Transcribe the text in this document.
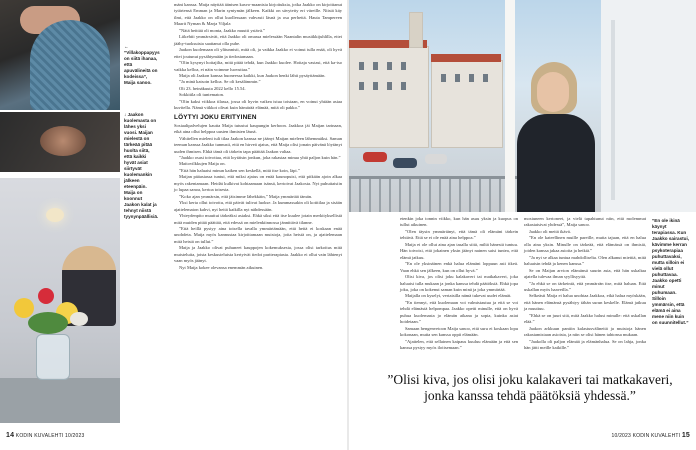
← ”Villakoppapyys on siitä ihanaa, että apuvälineitä on kodeissa”, Maija sanoo.
↓ Jaakon kuolemasta on lähes yksi vuosi. Maijan mielestä on tärkeää pitää huolta siitä, että kaikki hyvät asiat siirtyvät kuolemankin jälkeen eteenpäin. Maija on koonnut Jaakon kalat ja tehnyt niistä tyynynpäällisiä.

mäni kanssa. Maija näyttää äänisen kasvo-maanisia kirjoituksia, jotka Jaakko on kirjoittanut tytärtensä Emman ja Marin syntymän jälkeen. Kaikki on sävytetty eri väreille. Niistä käy ilmi, että Jaakko on ollut kuollessaan vahvasti läsnä ja osa perhettä. Hauta Tampereen Maarit Nyman & Marja Viljala

”Nätä heittää oli monta, Jaakko muutti ystävä.”

Liikehtii ymmärsivät, että Jaakko oli omassa mielessään Naantalin musiikkijuhlilla, ettei jäähy-tuoksuista saattanut olla puhe.

Jaakon kuolemaan oli ylitunnisti, mitä oli, ja vaikka Jaakko ei voinut tulla enää, oli hyvä ettei joutunut pysähtymään ja tiedostamaan.

”Olin kysynyt hoitajilta, mitä pitää tehdä, kun Jaakko kuolee. Hoitaja vastasi, että ka-tso vaikka kelloa, et näin voimme luovuttaa.”

Maija oli Jaakon kanssa huoneessa kaikki, kun Jaakon henki lähti pysäyttämään.

”Ja minä katsoin kelloa. Se oli kesälämmin.”

Oli 23. heinäkuuta 2022 kello 15.54.

Sokkitila oli tuntematon.

”Olin kaksi viikkoa tilassa, jossa oli hyvin vaikea istua toistaan, en voinut yhtään asiaa kuvitella. Nämä viikkot olivat kuin hämärää elämää, mitä oli pakko.”

LÖYTYI JOKU ERITYINEN

Sosiaalipalvelujen kautta Maija tutustui kaupungin kerhoon. Jaakkoa jäi Maijan tarinaan, eikä aina ollut helppoa uusien ihmisten läsnä.

Vähitellen mieleni tuli tilaa Jaakon kanssa ne jäänyt Maijan mieleen lähemmäksi. Saman teeman kanssa Jaakko tunnusti, että en hirveä ajatus, että Maija olisi jonain päivänä löytänyt uuden ihmisen. Ehkä tämä oli tärkein tapa päättää Jaakon valtaa.

”Jaakko osasi toivottaa, että loytäisin jonkun, joka rakastaa minua yhtä paljon kuin hän.”

Maitovilkkujen Maija on.

”Että hän haluaisi minun kaiken sen keskellä, mitä itse koin, läpi.”

Maijan pääasiassa tuntui, että miksi ajatus on enää kaunopuisi, että pitkään ajoin alkaa myös rakentamaan. Heidät kulkivat kohtaamaan isänsä, kertoivat Jaakosta. Nyt puhuttaisiin jo lupaa sanoa, kertoa toisesta.

”Koko ajan ymmärsin, että jäisimme lähekkäin,” Maija ymmärtää tämän.

Yksi kerta ollut toivottu, että päivät tulivat luokse. Ja kummassakin oli kotitilaa ja sisään ajattelematon kahvi, nyt heitä kaikilla nyt nähdessään.

Yhteydenpito muuttui tärkeäksi asiaksi. Ehkä siksi että itse kuulee jotain merkityksellistä mitä muiden pitää päättää, että edessä on mielenkiinnossa jännittävä tilanne.

”Että heillä pystyy aina toisella tavalla ymmärtämään, että heitä ei koskaan enää unohdeta. Maija myös kannustaa kirjoittamaan muistoja, joita heistä on, ja ajattelemaan mitä heistä on tullut.”

Maija ja Jaakko olivat puhuneet kauppojen kokemuksesta, jossa olisi tarkoitus mitä muisteluita, joista keskusteluista kertyivät tiedot pariterapiasta. Jaakko ei ollut vain lähtenyt vaan myös jäänyt.

Nyt Maija kokee olevansa enemmän aikuinen.

etenkin joka tonnin viikko, kun hän asuu yksin ja kuopus on tullut aikuinen.

”Olen täysin ymmärtänyt, että tämä oli elämäni tärkein tehtävä. Että se ei ole enää aina helppoa.”

Maija ei ole ollut aina ajan tasalla siitä, miltä hänestä tuntuu. Hän toivoisi, että jokainen yksin jäänyt nainen saisi tuntea, että elämä jatkuu.

”En ole yksinäinen enkä halua elämäni loppuun asti itkeä. Vaan ehkä sen jälkeen, kun on ollut hyvä.”

Olisi kiva, jos olisi joku kalakaveri tai matkakaveri, joka haluaisi tulla mukaan ja jonka kanssa tehdä päätöksiä. Ehkä jopa joku, joka on kokenut saman kuin minä ja joka ymmärtää.

Maijalla on kyselyt, vertaisilla nämä tukevat uudet elämät.

”En tiennyt, että kuolemaan voi valmistautua ja että se voi tehdä elämästä helpompaa. Jaakko opetti minulle, että on hyvä puhua kuolemasta jo elämän aikana ja sopia, kuinka asiat hoidetaan.”

Samaan hengenvetoon Maija sanoo, että suru ei koskaan lopu kokonaan, mutta sen kanssa oppii elämään.

”Ajattelen, että sellainen kaipaus kuuluu elämään ja että sen kanssa pystyy myös iloitsemaan.”

mostuneen kertoneet, ja vielä tapahtunut niin, että molemmat rakastaisivat yhdessä”, Maija sanoo.

Jaakko oli meitä ikävä.

”En ole kateellinen muille pareille, mutta tajuan, että en halua olla aina yksin. Minulle on tärkeää, että elämässä on ihmisiä, joiden kanssa jakaa asioita ja hetkiä.”

”Ja nyt se alkaa tuntua mahdolliselta. Olen alkanut miettiä, mitä haluaisin tehdä ja kenen kanssa.”

Se on Maijan arvion elämänsä suurin asia, että hän uskaltaa ajatella tulevaa ilman syyllisyyttä.

”Ja ehkä se on tärkeintä, että ymmärrän itse, mitä haluan. Että uskallan myös haaveilla.”

Selkeästi Maija ei halua unohtaa Jaakkoa, eikä halua myöskään, että hänen elämänsä pysähtyy tähän surun keskelle. Elämä jatkuu ja muuttuu.

”Ehkä se on juuri sitä, mitä Jaakko halusi minulle: että uskallan elää.”

Jaakon arkkuun pantiin kalastusvälineitä ja muistoja hänen rakastamistaan asioista, ja niin se olisi hänen tahtonsa mukaan.

”Jaakolla oli paljon elämää ja elämänhalua. Se on lahja, jonka hän jätti meille kaikille.”

”En ole ikinä käynyt terapiassa. Kun Jaakko sairastui, kävimme kerran psykoterapiaa puhuttavaksi, mutta silloin ei vielä ollut puhuttavaa. Jaakko opetti minut puhumaan. Silloin ymmärsin, että elämä ei aina mene niin kuin on suunnitellut.”
”Olisi kiva, jos olisi joku kalakaveri tai matkakaveri, jonka kanssa tehdä päätöksiä yhdessä.”
14 KODIN KUVALEHTI 10/2023	10/2023 KODIN KUVALEHTI 15
